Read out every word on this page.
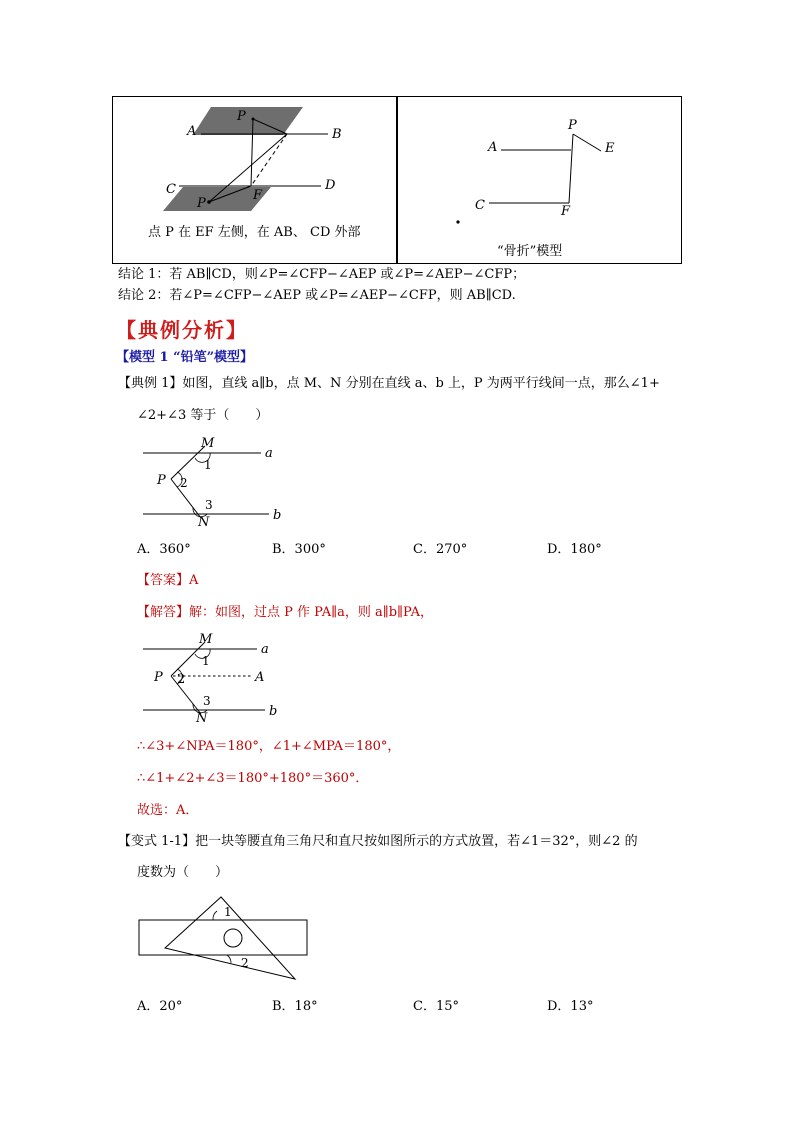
A	B
C	D
E
F
P
P
点 P 在 EF 左侧，在 AB、 CD 外部
P
A	E
C	F
“骨折”模型
结论 1：若 AB∥CD，则∠P=∠CFP−∠AEP 或∠P=∠AEP−∠CFP；
结论 2：若∠P=∠CFP−∠AEP 或∠P=∠AEP−∠CFP，则 AB∥CD.
【典例分析】
【模型 1 “铅笔”模型】
【典例 1】如图，直线 a∥b，点 M、N 分别在直线 a、b 上，P 为两平行线间一点，那么∠1+
∠2+∠3 等于（　　）
M
a
1
P 2
3
N	b
A．360°	B．300°	C．270°	D．180°
【答案】A
【解答】解：如图，过点 P 作 PA∥a，则 a∥b∥PA，
M
a
1
P 2	A
3
N	b
∴∠3+∠NPA＝180°，∠1+∠MPA＝180°，
∴∠1+∠2+∠3＝180°+180°＝360°．
故选：A．
【变式 1-1】把一块等腰直角三角尺和直尺按如图所示的方式放置，若∠1＝32°，则∠2 的
度数为（　　）
1
2
A．20°	B．18°	C．15°	D．13°
